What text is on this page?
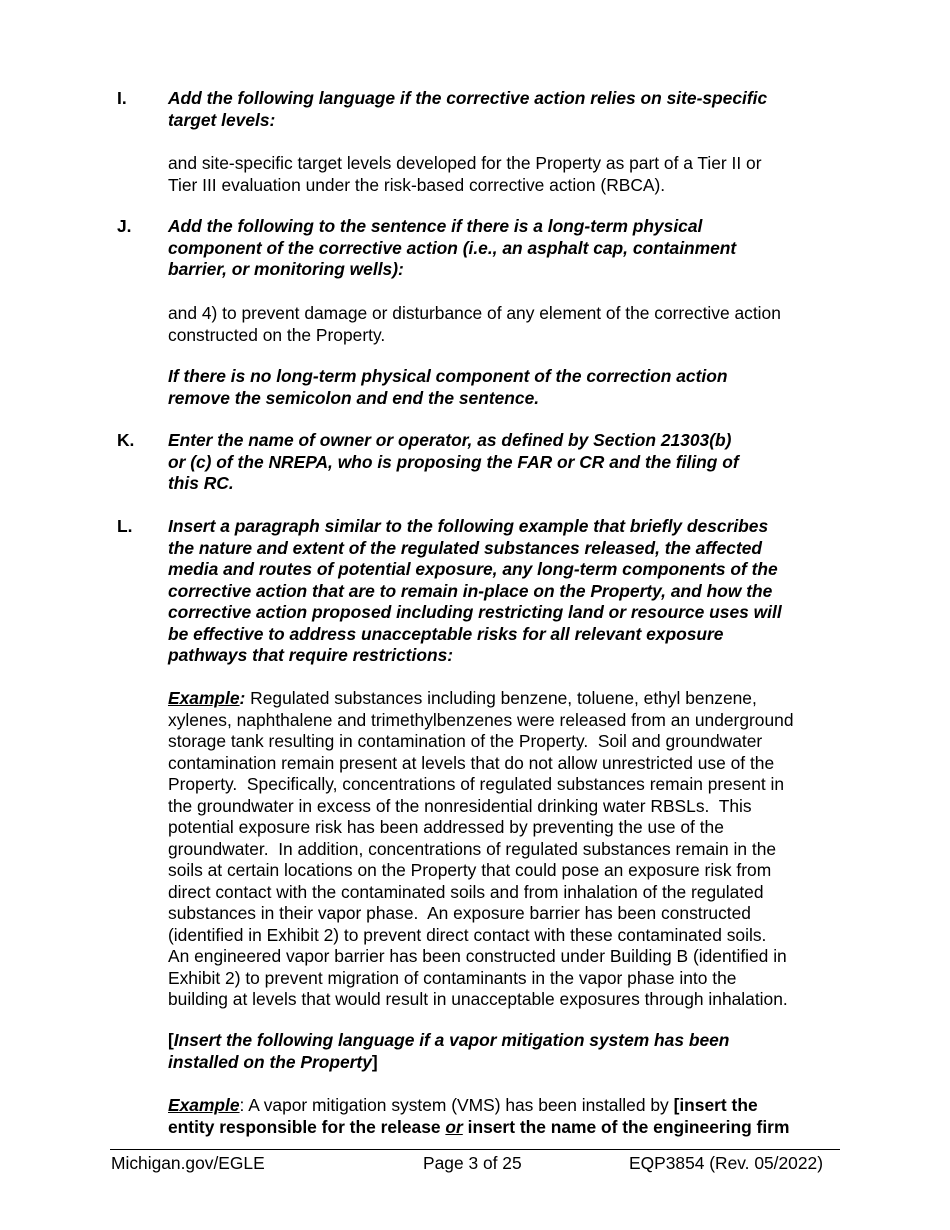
I. Add the following language if the corrective action relies on site-specific
target levels:
and site-specific target levels developed for the Property as part of a Tier II or
Tier III evaluation under the risk-based corrective action (RBCA).
J. Add the following to the sentence if there is a long-term physical
component of the corrective action (i.e., an asphalt cap, containment
barrier, or monitoring wells):
and 4) to prevent damage or disturbance of any element of the corrective action
constructed on the Property.
If there is no long-term physical component of the correction action
remove the semicolon and end the sentence.
K. Enter the name of owner or operator, as defined by Section 21303(b)
or (c) of the NREPA, who is proposing the FAR or CR and the filing of
this RC.
L. Insert a paragraph similar to the following example that briefly describes
the nature and extent of the regulated substances released, the affected
media and routes of potential exposure, any long-term components of the
corrective action that are to remain in-place on the Property, and how the
corrective action proposed including restricting land or resource uses will
be effective to address unacceptable risks for all relevant exposure
pathways that require restrictions:
Example: Regulated substances including benzene, toluene, ethyl benzene,
xylenes, naphthalene and trimethylbenzenes were released from an underground
storage tank resulting in contamination of the Property.  Soil and groundwater
contamination remain present at levels that do not allow unrestricted use of the
Property.  Specifically, concentrations of regulated substances remain present in
the groundwater in excess of the nonresidential drinking water RBSLs.  This
potential exposure risk has been addressed by preventing the use of the
groundwater.  In addition, concentrations of regulated substances remain in the
soils at certain locations on the Property that could pose an exposure risk from
direct contact with the contaminated soils and from inhalation of the regulated
substances in their vapor phase.  An exposure barrier has been constructed
(identified in Exhibit 2) to prevent direct contact with these contaminated soils.
An engineered vapor barrier has been constructed under Building B (identified in
Exhibit 2) to prevent migration of contaminants in the vapor phase into the
building at levels that would result in unacceptable exposures through inhalation.
[Insert the following language if a vapor mitigation system has been
installed on the Property]
Example: A vapor mitigation system (VMS) has been installed by [insert the
entity responsible for the release or insert the name of the engineering firm
Michigan.gov/EGLE	Page 3 of 25	EQP3854 (Rev. 05/2022)
